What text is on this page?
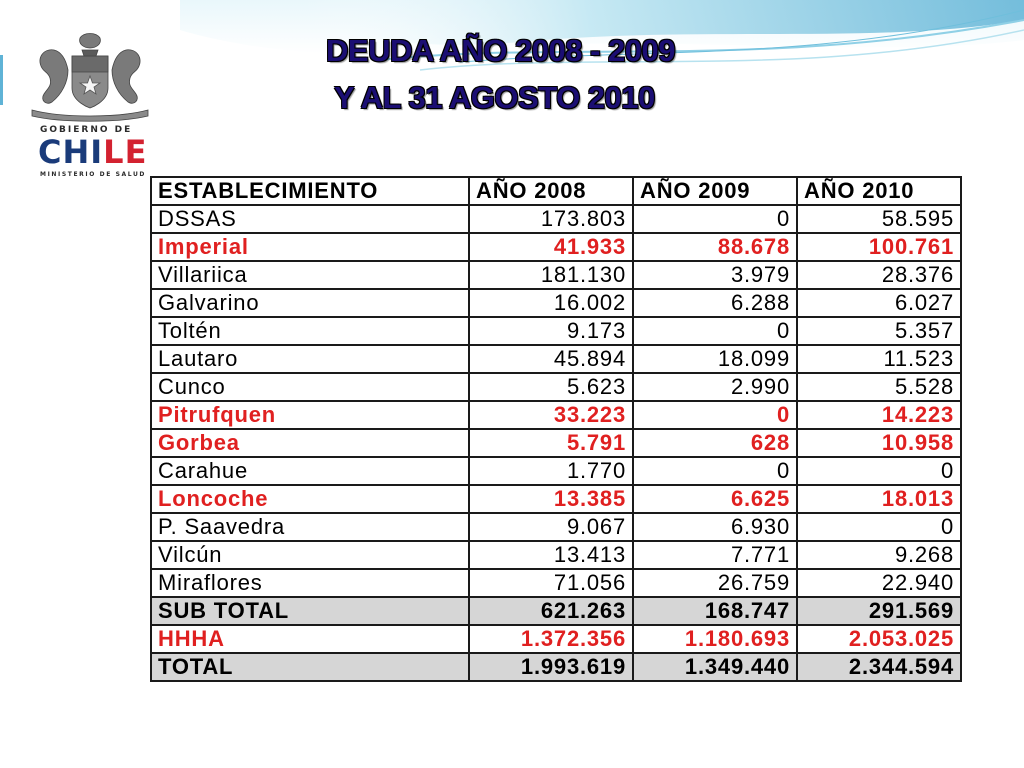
GOBIERNO DE
CHILE
MINISTERIO DE SALUD
DEUDA AÑO 2008 - 2009
Y AL 31 AGOSTO 2010
ESTABLECIMIENTO	AÑO 2008	AÑO 2009	AÑO 2010
DSSAS	173.803	0	58.595
Imperial	41.933	88.678	100.761
Villariica	181.130	3.979	28.376
Galvarino	16.002	6.288	6.027
Toltén	9.173	0	5.357
Lautaro	45.894	18.099	11.523
Cunco	5.623	2.990	5.528
Pitrufquen	33.223	0	14.223
Gorbea	5.791	628	10.958
Carahue	1.770	0	0
Loncoche	13.385	6.625	18.013
P. Saavedra	9.067	6.930	0
Vilcún	13.413	7.771	9.268
Miraflores	71.056	26.759	22.940
SUB TOTAL	621.263	168.747	291.569
HHHA	1.372.356	1.180.693	2.053.025
TOTAL	1.993.619	1.349.440	2.344.594
